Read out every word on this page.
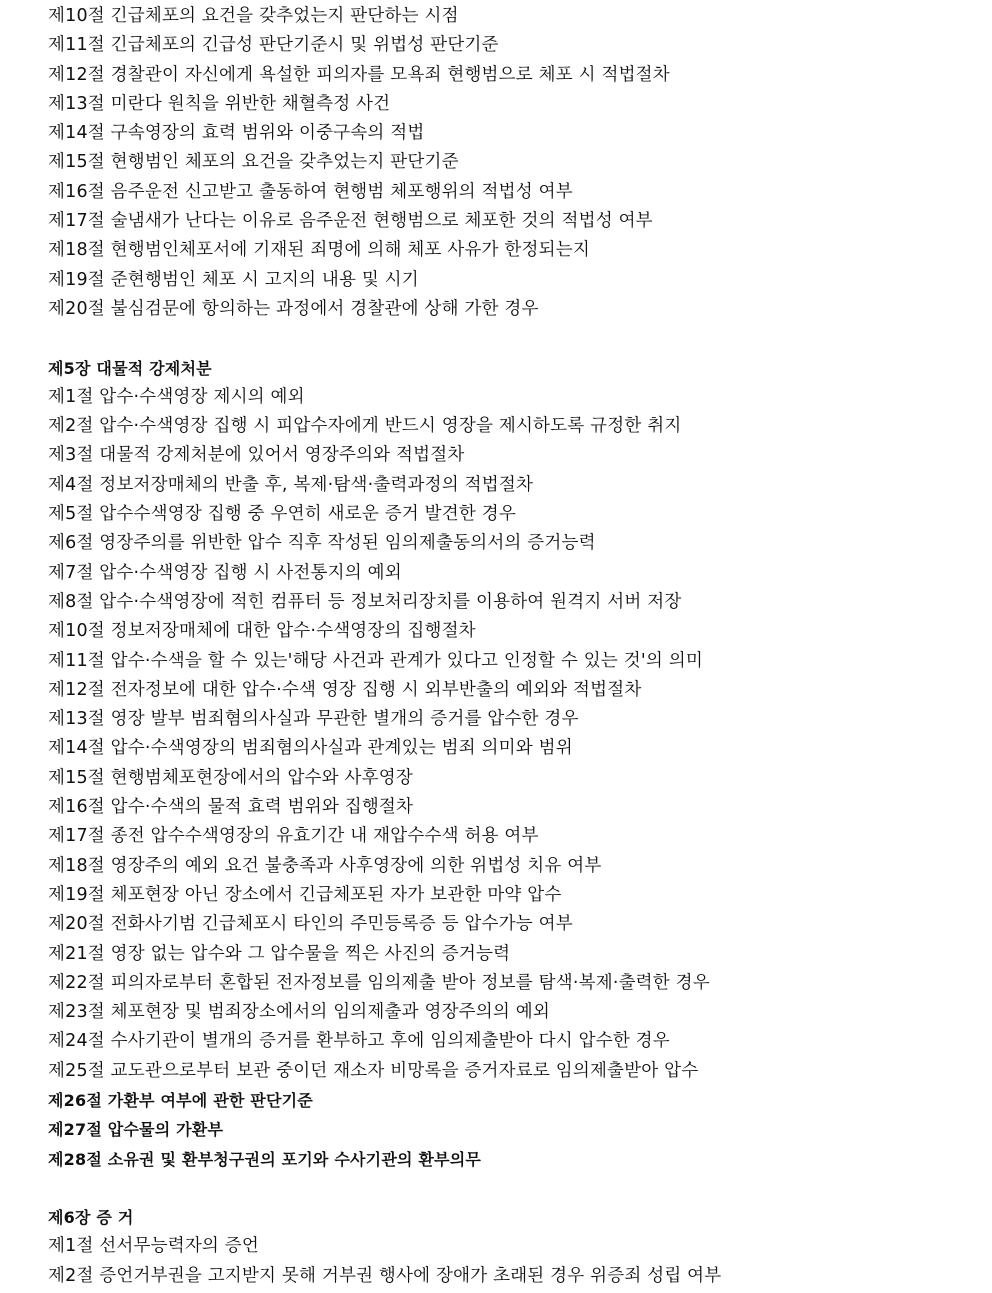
제10절 긴급체포의 요건을 갖추었는지 판단하는 시점
제11절 긴급체포의 긴급성 판단기준시 및 위법성 판단기준
제12절 경찰관이 자신에게 욕설한 피의자를 모욕죄 현행범으로 체포 시 적법절차
제13절 미란다 원칙을 위반한 채혈측정 사건
제14절 구속영장의 효력 범위와 이중구속의 적법
제15절 현행범인 체포의 요건을 갖추었는지 판단기준
제16절 음주운전 신고받고 출동하여 현행범 체포행위의 적법성 여부
제17절 술냄새가 난다는 이유로 음주운전 현행범으로 체포한 것의 적법성 여부
제18절 현행범인체포서에 기재된 죄명에 의해 체포 사유가 한정되는지
제19절 준현행범인 체포 시 고지의 내용 및 시기
제20절 불심검문에 항의하는 과정에서 경찰관에 상해 가한 경우
제5장 대물적 강제처분
제1절 압수·수색영장 제시의 예외
제2절 압수·수색영장 집행 시 피압수자에게 반드시 영장을 제시하도록 규정한 취지
제3절 대물적 강제처분에 있어서 영장주의와 적법절차
제4절 정보저장매체의 반출 후, 복제·탐색·출력과정의 적법절차
제5절 압수수색영장 집행 중 우연히 새로운 증거 발견한 경우
제6절 영장주의를 위반한 압수 직후 작성된 임의제출동의서의 증거능력
제7절 압수·수색영장 집행 시 사전통지의 예외
제8절 압수·수색영장에 적힌 컴퓨터 등 정보처리장치를 이용하여 원격지 서버 저장
제10절 정보저장매체에 대한 압수·수색영장의 집행절차
제11절 압수·수색을 할 수 있는'해당 사건과 관계가 있다고 인정할 수 있는 것'의 의미
제12절 전자정보에 대한 압수·수색 영장 집행 시 외부반출의 예외와 적법절차
제13절 영장 발부 범죄혐의사실과 무관한 별개의 증거를 압수한 경우
제14절 압수·수색영장의 범죄혐의사실과 관계있는 범죄 의미와 범위
제15절 현행범체포현장에서의 압수와 사후영장
제16절 압수·수색의 물적 효력 범위와 집행절차
제17절 종전 압수수색영장의 유효기간 내 재압수수색 허용 여부
제18절 영장주의 예외 요건 불충족과 사후영장에 의한 위법성 치유 여부
제19절 체포현장 아닌 장소에서 긴급체포된 자가 보관한 마약 압수
제20절 전화사기범 긴급체포시 타인의 주민등록증 등 압수가능 여부
제21절 영장 없는 압수와 그 압수물을 찍은 사진의 증거능력
제22절 피의자로부터 혼합된 전자정보를 임의제출 받아 정보를 탐색·복제·출력한 경우
제23절 체포현장 및 범죄장소에서의 임의제출과 영장주의의 예외
제24절 수사기관이 별개의 증거를 환부하고 후에 임의제출받아 다시 압수한 경우
제25절 교도관으로부터 보관 중이던 재소자 비망록을 증거자료로 임의제출받아 압수
제26절 가환부 여부에 관한 판단기준
제27절 압수물의 가환부
제28절 소유권 및 환부청구권의 포기와 수사기관의 환부의무
제6장 증 거
제1절 선서무능력자의 증언
제2절 증언거부권을 고지받지 못해 거부권 행사에 장애가 초래된 경우 위증죄 성립 여부
